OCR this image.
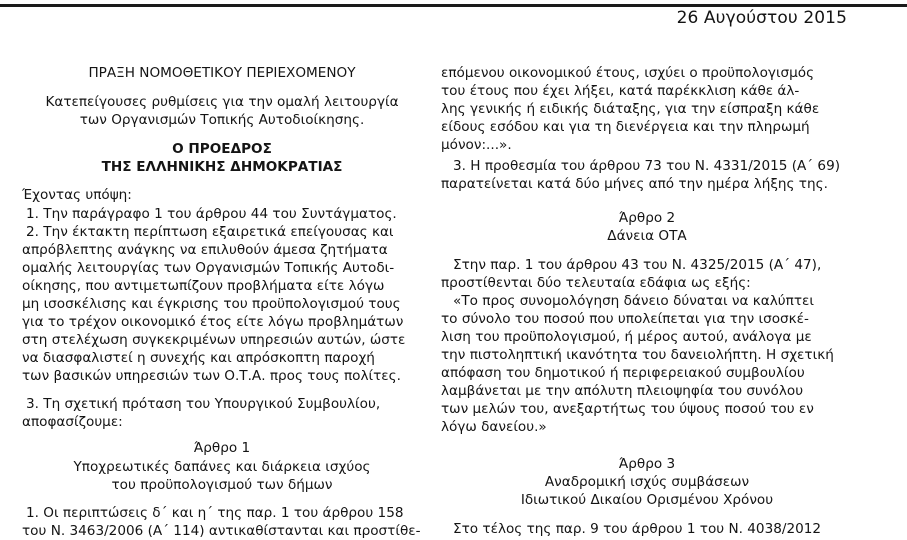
26 Αυγούστου 2015

ΠΡΑΞΗ ΝΟΜΟΘΕΤΙΚΟΥ ΠΕΡΙΕΧΟΜΕΝΟΥ

Κατεπείγουσες ρυθμίσεις για την ομαλή λειτουργία

των Οργανισμών Τοπικής Αυτοδιοίκησης.

Ο ΠΡΟΕΔΡΟΣ

ΤΗΣ ΕΛΛΗΝΙΚΗΣ ΔΗΜΟΚΡΑΤΙΑΣ

Έχοντας υπόψη:

1. Την παράγραφο 1 του άρθρου 44 του Συντάγματος.

2. Την έκτακτη περίπτωση εξαιρετικά επείγουσας και

απρόβλεπτης ανάγκης να επιλυθούν άμεσα ζητήματα

ομαλής λειτουργίας των Οργανισμών Τοπικής Αυτοδι-

οίκησης, που αντιμετωπίζουν προβλήματα είτε λόγω

μη ισοσκέλισης και έγκρισης του προϋπολογισμού τους

για το τρέχον οικονομικό έτος είτε λόγω προβλημάτων

στη στελέχωση συγκεκριμένων υπηρεσιών αυτών, ώστε

να διασφαλιστεί η συνεχής και απρόσκοπτη παροχή

των βασικών υπηρεσιών των Ο.Τ.Α. προς τους πολίτες.

3. Τη σχετική πρόταση του Υπουργικού Συμβουλίου,

αποφασίζουμε:

Άρθρο 1

Υποχρεωτικές δαπάνες και διάρκεια ισχύος

του προϋπολογισμού των δήμων

1. Οι περιπτώσεις δ΄ και η΄ της παρ. 1 του άρθρου 158

του Ν. 3463/2006 (Α΄ 114) αντικαθίστανται και προστίθε-

επόμενου οικονομικού έτους, ισχύει ο προϋπολογισμός

του έτους που έχει λήξει, κατά παρέκκλιση κάθε άλ-

λης γενικής ή ειδικής διάταξης, για την είσπραξη κάθε

είδους εσόδου και για τη διενέργεια και την πληρωμή

μόνον:...».

3. Η προθεσμία του άρθρου 73 του Ν. 4331/2015 (Α΄ 69)

παρατείνεται κατά δύο μήνες από την ημέρα λήξης της.

Άρθρο 2

Δάνεια ΟΤΑ

Στην παρ. 1 του άρθρου 43 του Ν. 4325/2015 (Α΄ 47),

προστίθενται δύο τελευταία εδάφια ως εξής:

«Το προς συνομολόγηση δάνειο δύναται να καλύπτει

το σύνολο του ποσού που υπολείπεται για την ισοσκέ-

λιση του προϋπολογισμού, ή μέρος αυτού, ανάλογα με

την πιστοληπτική ικανότητα του δανειολήπτη. Η σχετική

απόφαση του δημοτικού ή περιφερειακού συμβουλίου

λαμβάνεται με την απόλυτη πλειοψηφία του συνόλου

των μελών του, ανεξαρτήτως του ύψους ποσού του εν

λόγω δανείου.»

Άρθρο 3

Αναδρομική ισχύς συμβάσεων

Ιδιωτικού Δικαίου Ορισμένου Χρόνου

Στο τέλος της παρ. 9 του άρθρου 1 του Ν. 4038/2012
